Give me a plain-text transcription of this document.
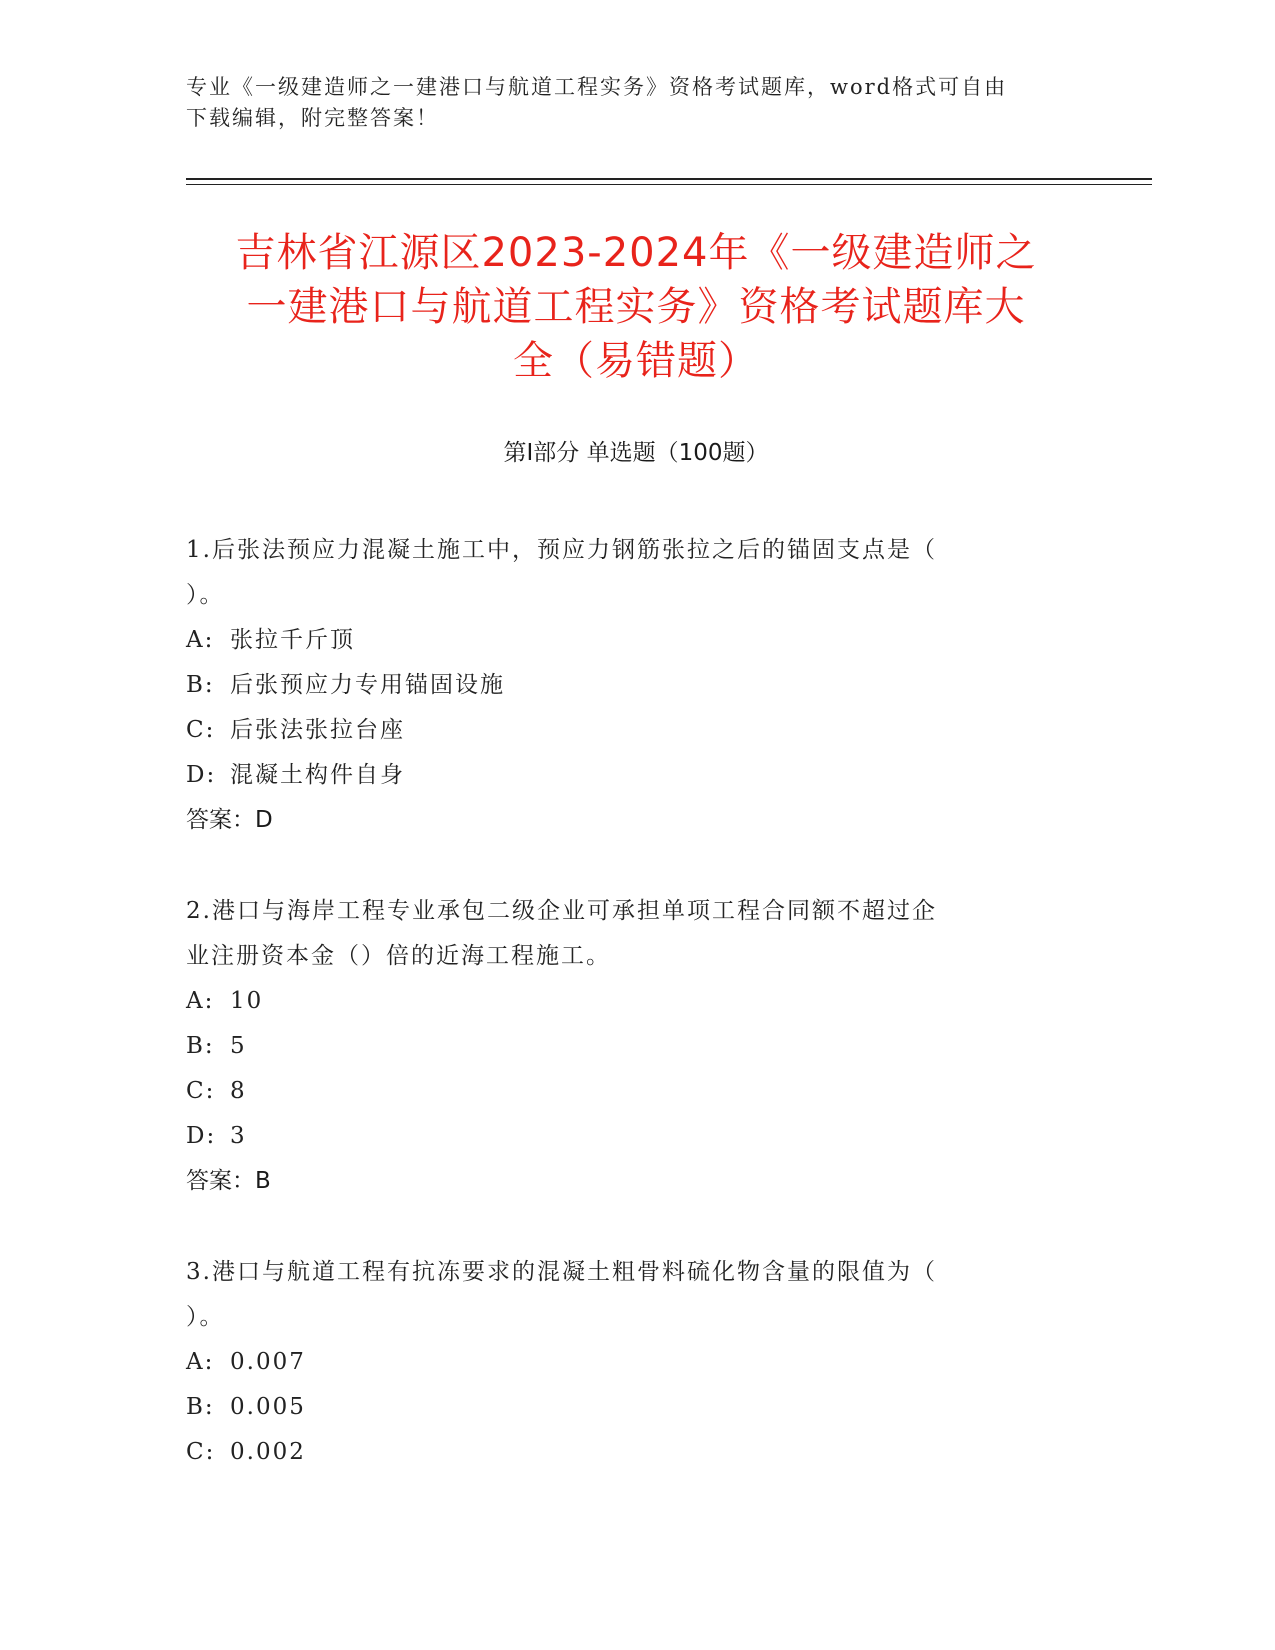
专业《一级建造师之一建港口与航道工程实务》资格考试题库，word格式可自由
下载编辑，附完整答案！
吉林省江源区2023-2024年《一级建造师之
一建港口与航道工程实务》资格考试题库大
全（易错题）
第Ⅰ部分 单选题（100题）
1.后张法预应力混凝土施工中，预应力钢筋张拉之后的锚固支点是（
）。
A: 张拉千斤顶
B: 后张预应力专用锚固设施
C: 后张法张拉台座
D: 混凝土构件自身
答案：D
2.港口与海岸工程专业承包二级企业可承担单项工程合同额不超过企
业注册资本金（）倍的近海工程施工。
A: 10
B: 5
C: 8
D: 3
答案：B
3.港口与航道工程有抗冻要求的混凝土粗骨料硫化物含量的限值为（
）。
A: 0.007
B: 0.005
C: 0.002
